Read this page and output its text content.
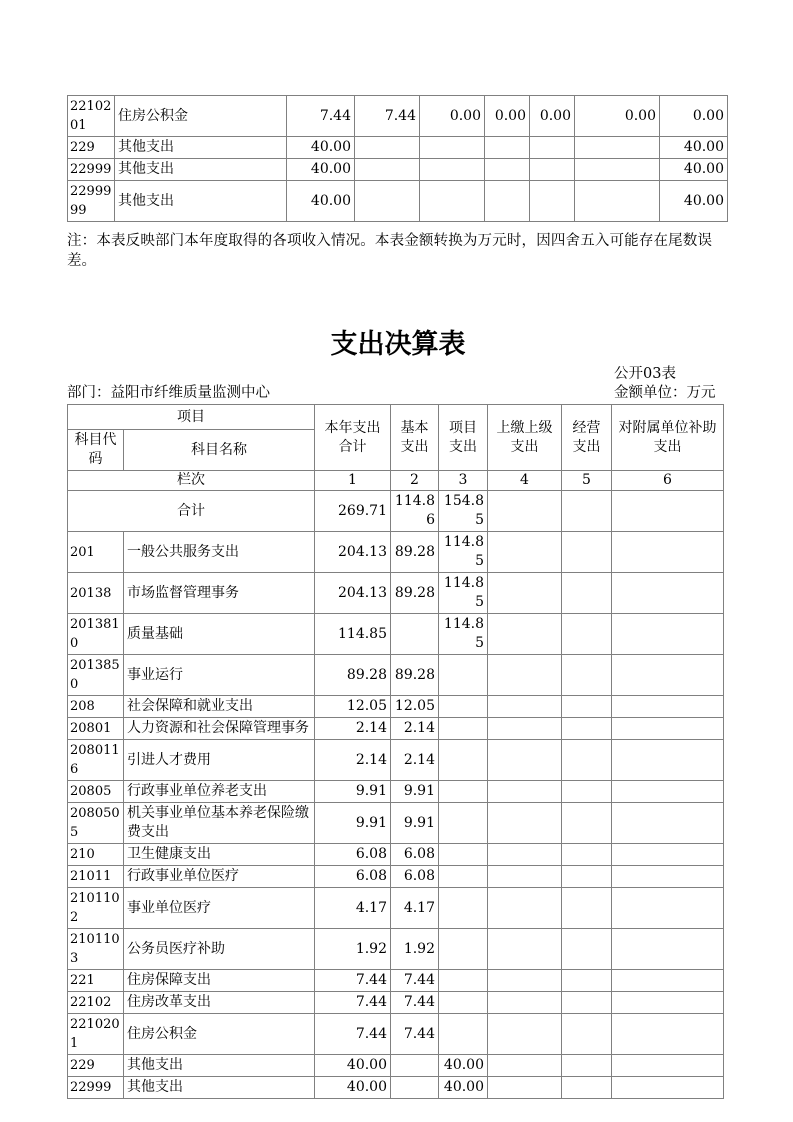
2210201	住房公积金	7.44	7.44	0.00	0.00	0.00	0.00	0.00
229	其他支出	40.00						40.00
22999	其他支出	40.00						40.00
2299999	其他支出	40.00						40.00
注：本表反映部门本年度取得的各项收入情况。本表金额转换为万元时，因四舍五入可能存在尾数误差。
支出决算表
公开03表
部门：益阳市纤维质量监测中心	金额单位：万元
项目		本年支出合计	基本支出	项目支出	上缴上级支出	经营支出	对附属单位补助支出
科目代码	科目名称						
栏次		1	2	3	4	5	6
合计		269.71	114.86	154.85			
201	一般公共服务支出	204.13	89.28	114.85			
20138	市场监督管理事务	204.13	89.28	114.85			
2013810	质量基础	114.85		114.85			
2013850	事业运行	89.28	89.28				
208	社会保障和就业支出	12.05	12.05				
20801	人力资源和社会保障管理事务	2.14	2.14				
2080116	引进人才费用	2.14	2.14				
20805	行政事业单位养老支出	9.91	9.91				
2080505	机关事业单位基本养老保险缴费支出	9.91	9.91				
210	卫生健康支出	6.08	6.08				
21011	行政事业单位医疗	6.08	6.08				
2101102	事业单位医疗	4.17	4.17				
2101103	公务员医疗补助	1.92	1.92				
221	住房保障支出	7.44	7.44				
22102	住房改革支出	7.44	7.44				
2210201	住房公积金	7.44	7.44				
229	其他支出	40.00		40.00			
22999	其他支出	40.00		40.00			
